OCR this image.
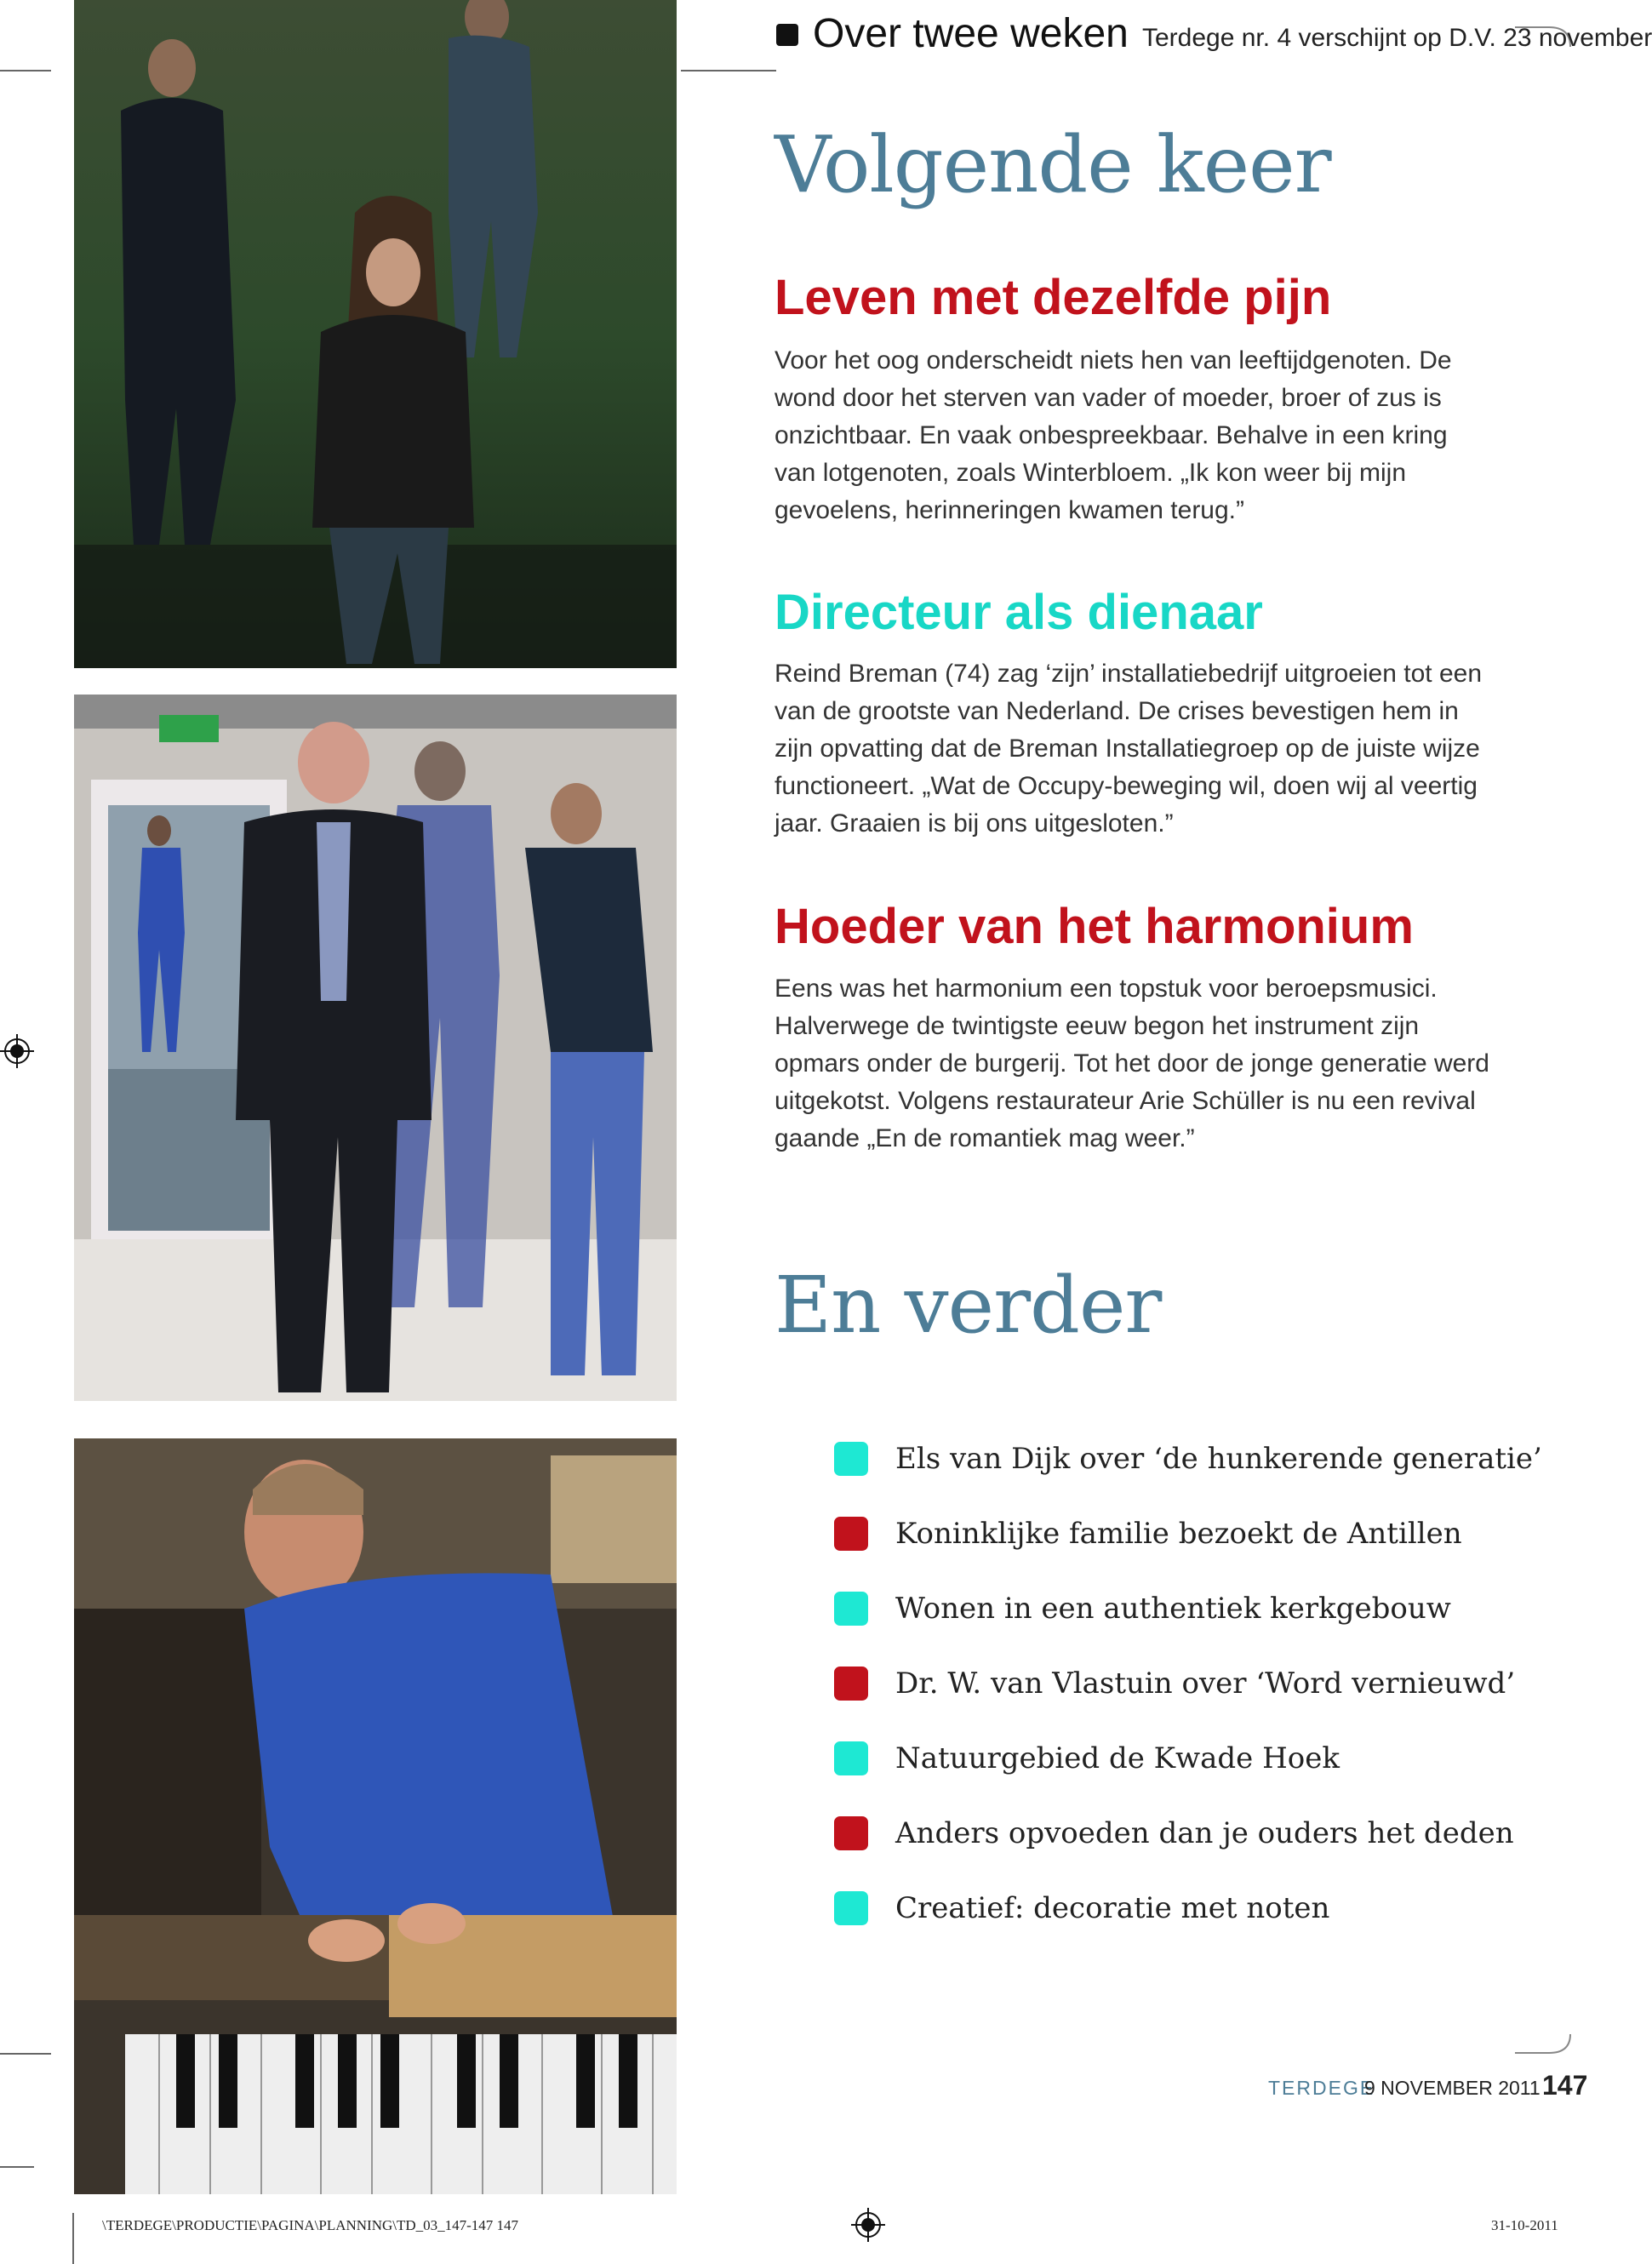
Over twee weken Terdege nr. 4 verschijnt op D.V. 23 november
Volgende keer
Leven met dezelfde pijn

Voor het oog onderscheidt niets hen van leeftijdgenoten. De wond door het sterven van vader of moeder, broer of zus is onzichtbaar. En vaak onbespreekbaar. Behalve in een kring van lotgenoten, zoals Winterbloem. „Ik kon weer bij mijn gevoelens, herinneringen kwamen terug.”

Directeur als dienaar

Reind Breman (74) zag ‘zijn’ installatiebedrijf uitgroeien tot een van de grootste van Nederland. De crises bevestigen hem in zijn opvatting dat de Breman Installatiegroep op de juiste wijze functioneert. „Wat de Occupy-beweging wil, doen wij al veertig jaar. Graaien is bij ons uitgesloten.”

Hoeder van het harmonium

Eens was het harmonium een topstuk voor beroepsmusici. Halverwege de twintigste eeuw begon het instrument zijn opmars onder de burgerij. Tot het door de jonge generatie werd uitgekotst. Volgens restaurateur Arie Schüller is nu een revival gaande „En de romantiek mag weer.”

En verder
Els van Dijk over ‘de hunkerende generatie’
Koninklijke familie bezoekt de Antillen
Wonen in een authentiek kerkgebouw
Dr. W. van Vlastuin over ‘Word vernieuwd’
Natuurgebied de Kwade Hoek
Anders opvoeden dan je ouders het deden
Creatief: decoratie met noten
TERDEGE
9 NOVEMBER 2011 147
\TERDEGE\PRODUCTIE\PAGINA\PLANNING\TD_03_147-147 147	31-10-2011
